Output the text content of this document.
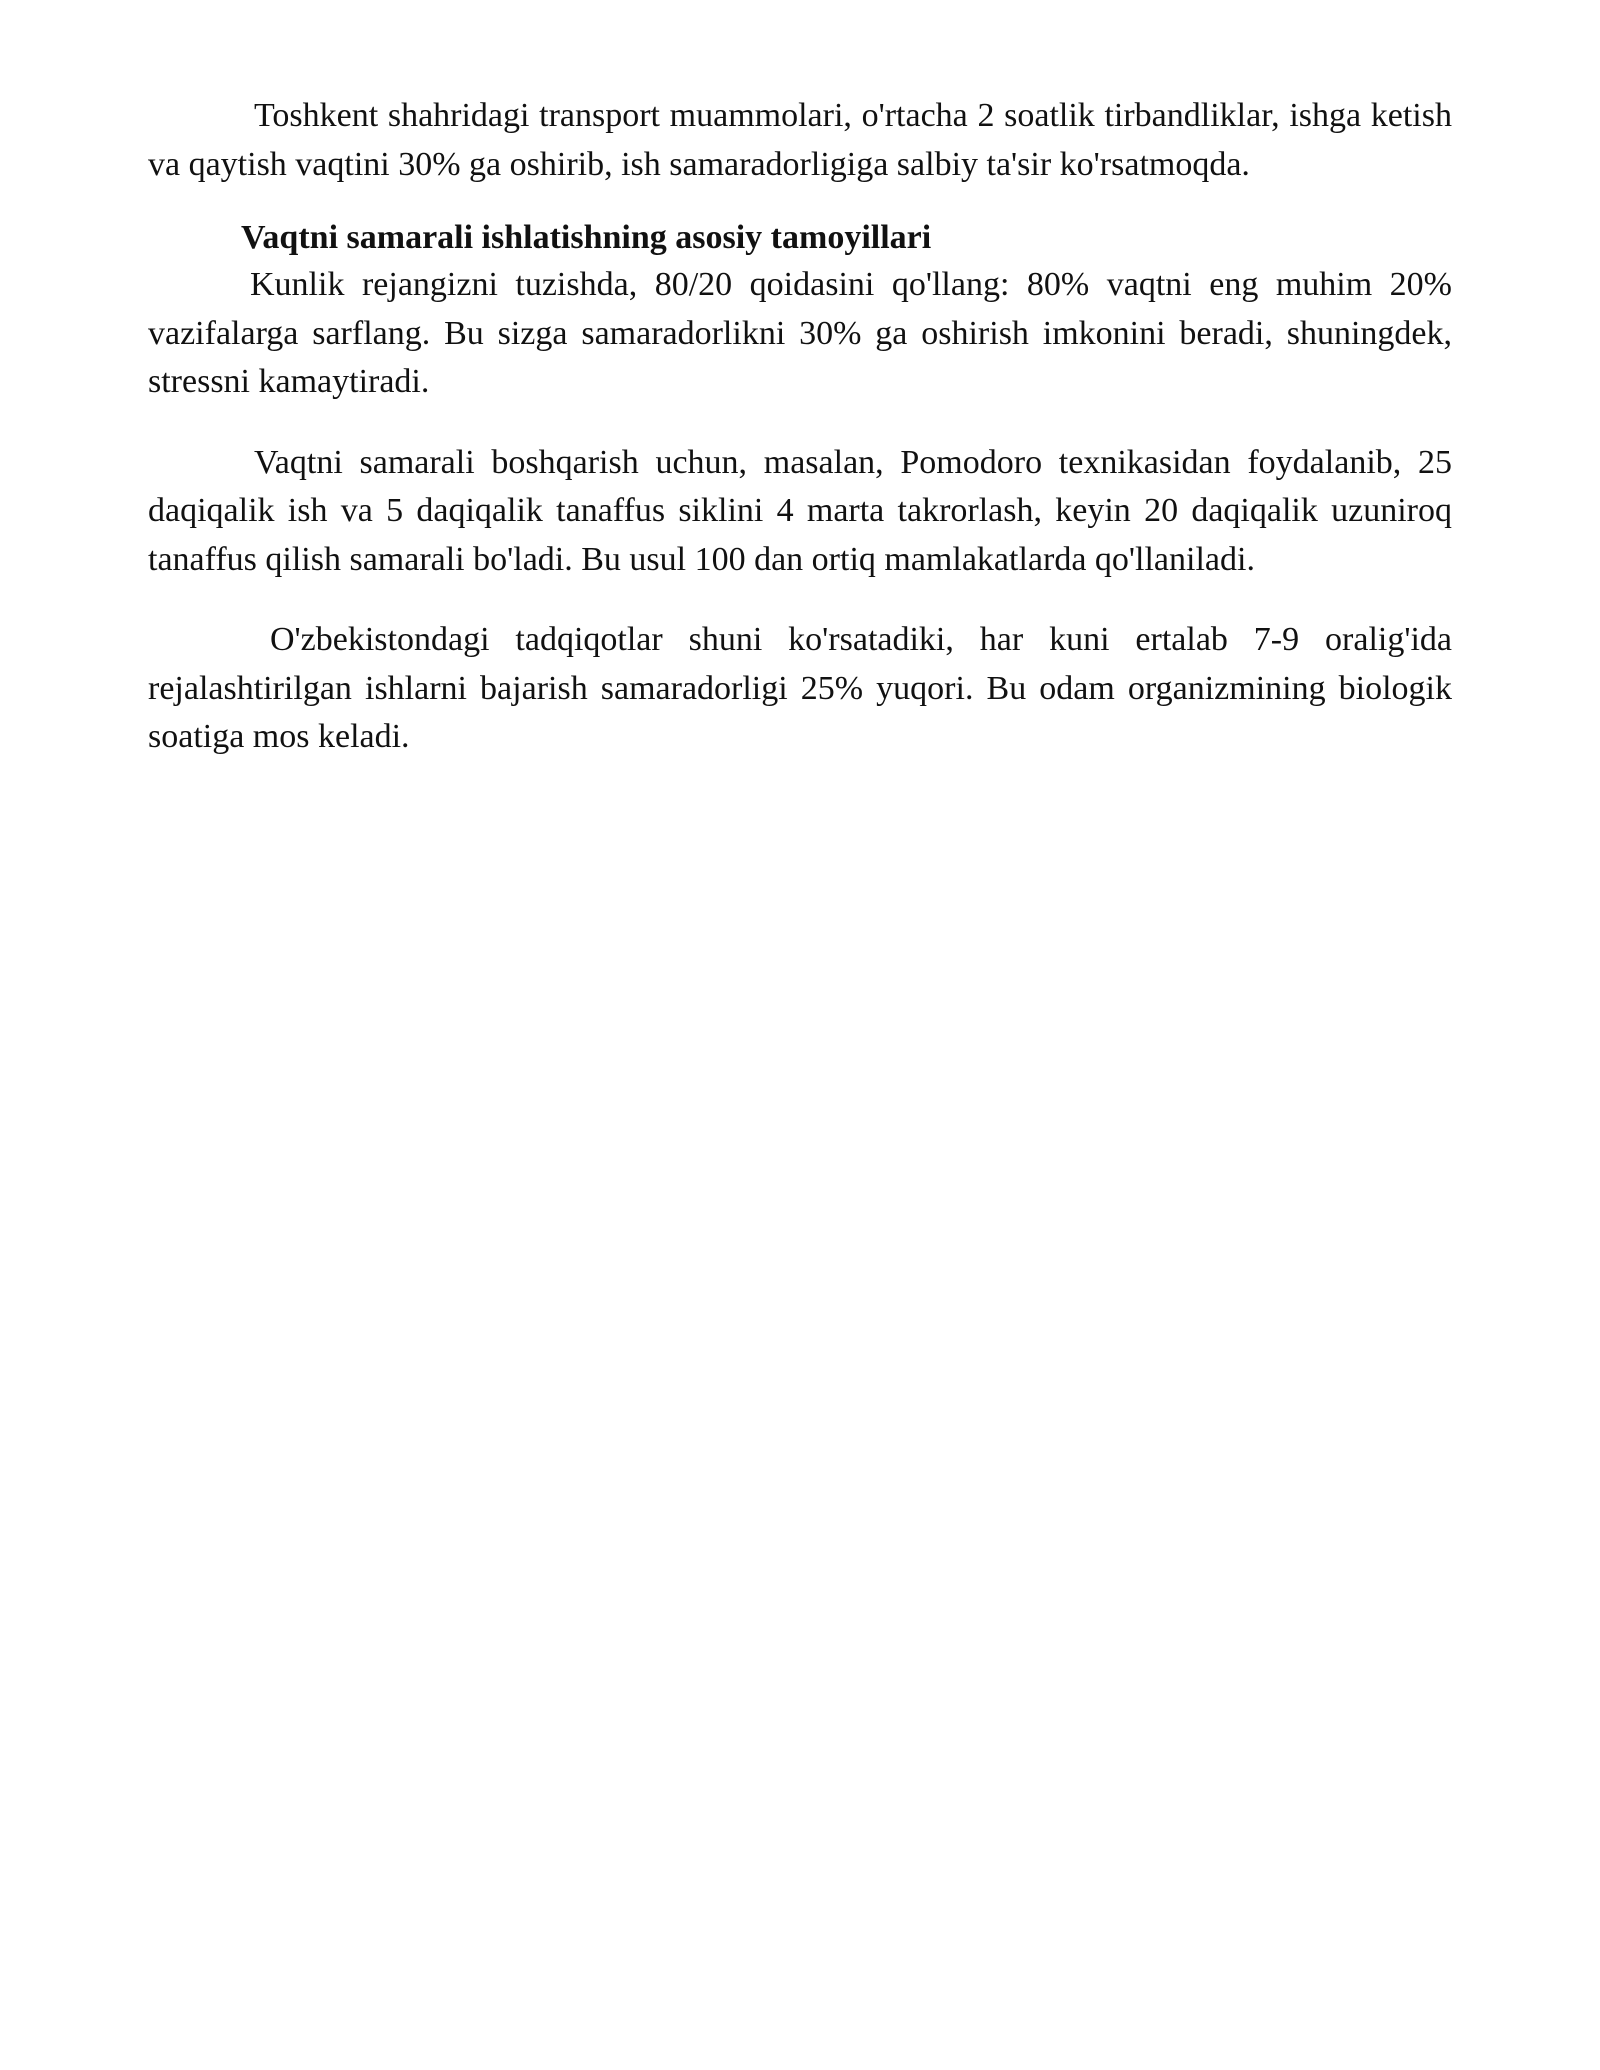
Toshkent shahridagi transport muammolari, o'rtacha 2 soatlik tirbandliklar, ishga ketish va qaytish vaqtini 30% ga oshirib, ish samaradorligiga salbiy ta'sir ko'rsatmoqda.

Vaqtni samarali ishlatishning asosiy tamoyillari

Kunlik rejangizni tuzishda, 80/20 qoidasini qo'llang: 80% vaqtni eng muhim 20% vazifalarga sarflang. Bu sizga samaradorlikni 30% ga oshirish imkonini beradi, shuningdek, stressni kamaytiradi.

Vaqtni samarali boshqarish uchun, masalan, Pomodoro texnikasidan foydalanib, 25 daqiqalik ish va 5 daqiqalik tanaffus siklini 4 marta takrorlash, keyin 20 daqiqalik uzuniroq tanaffus qilish samarali bo'ladi. Bu usul 100 dan ortiq mamlakatlarda qo'llaniladi.

O'zbekistondagi tadqiqotlar shuni ko'rsatadiki, har kuni ertalab 7-9 oralig'ida rejalashtirilgan ishlarni bajarish samaradorligi 25% yuqori. Bu odam organizmining biologik soatiga mos keladi.
